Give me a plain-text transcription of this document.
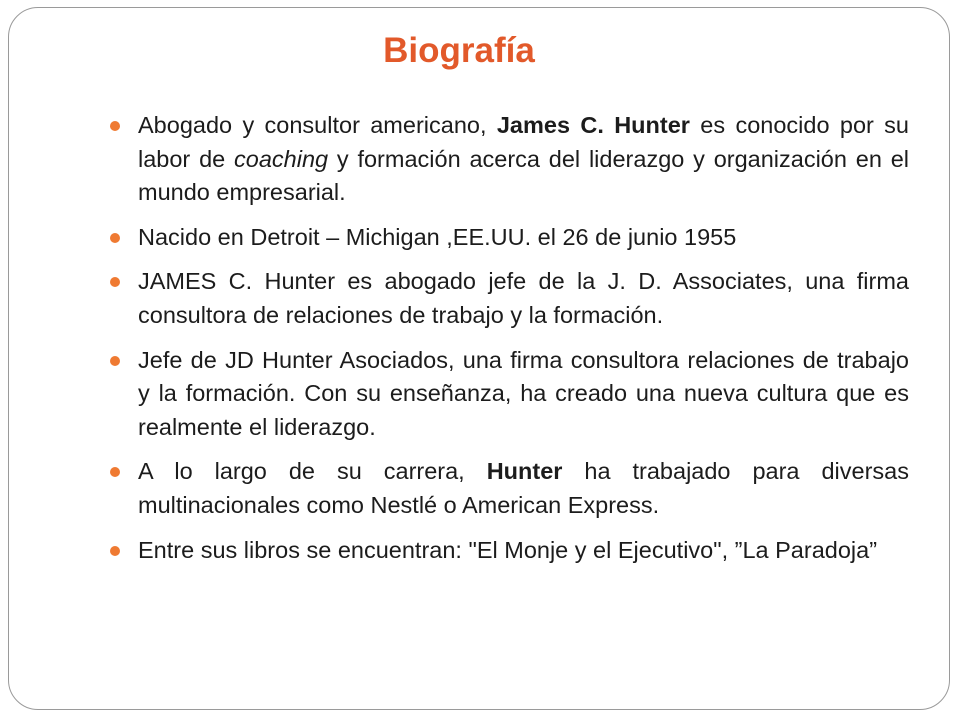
Biografía
Abogado y consultor americano, James C. Hunter es conocido por su labor de coaching y formación acerca del liderazgo y organización en el mundo empresarial.
Nacido en Detroit – Michigan ,EE.UU. el 26 de junio 1955
JAMES C. Hunter es abogado jefe de la J. D. Associates, una firma consultora de relaciones de trabajo y la formación.
Jefe de JD Hunter Asociados, una firma consultora relaciones de trabajo y la formación. Con su enseñanza, ha creado una nueva cultura que es realmente el liderazgo.
A lo largo de su carrera, Hunter ha trabajado para diversas multinacionales como Nestlé o American Express.
Entre sus libros se encuentran: "El Monje y el Ejecutivo", ”La Paradoja”
